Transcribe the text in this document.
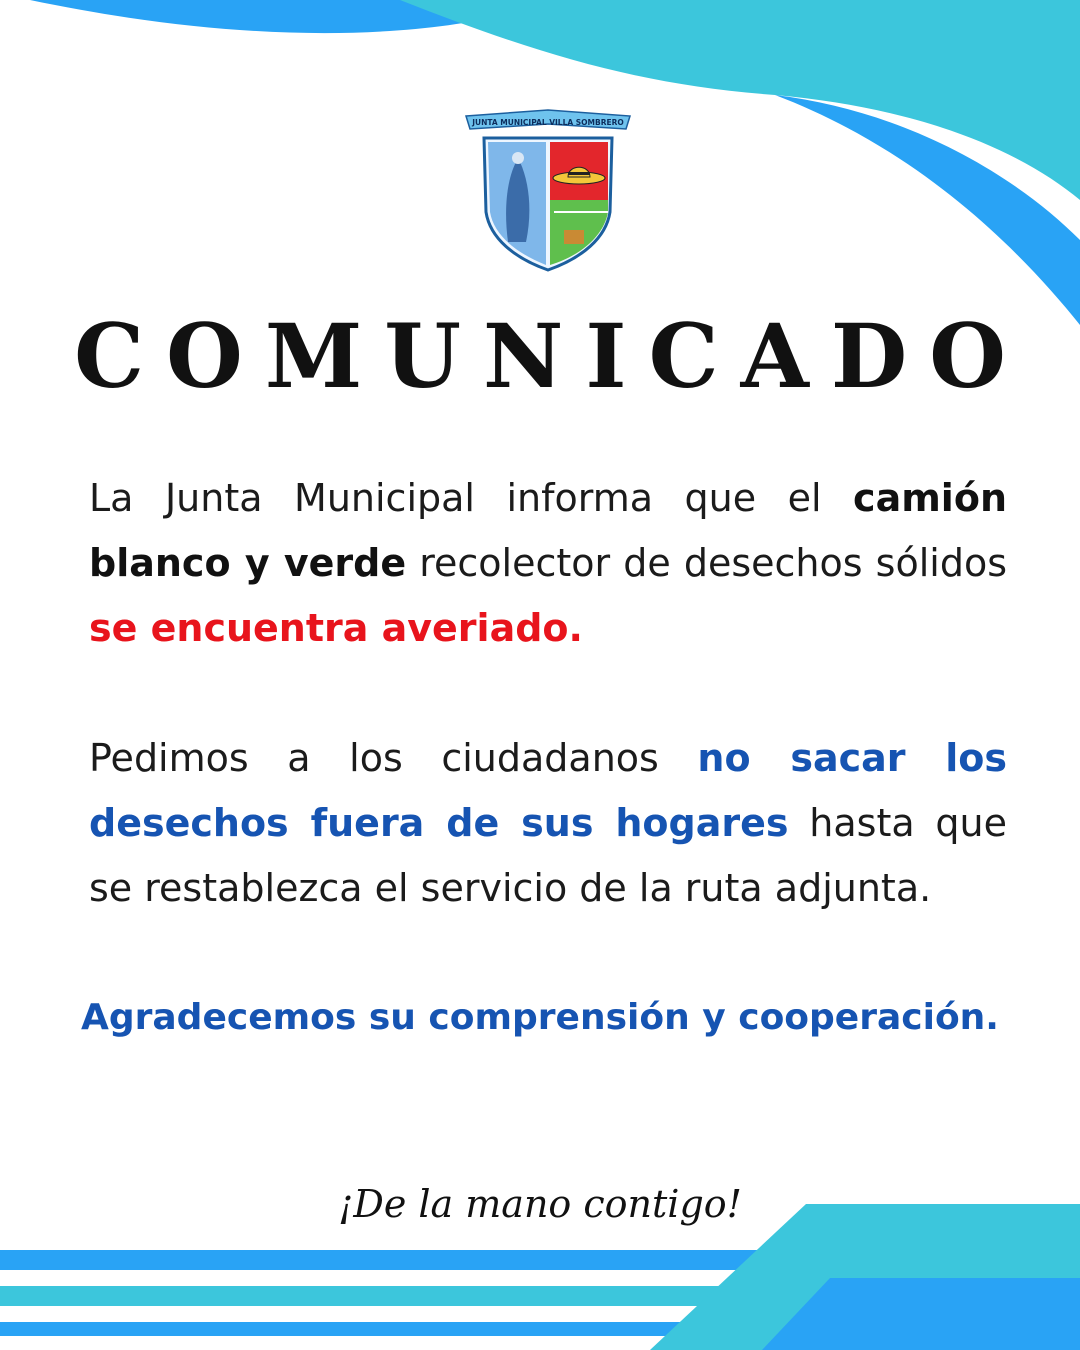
JUNTA MUNICIPAL VILLA SOMBRERO
COMUNICADO

La Junta Municipal informa que el camión blanco y verde recolector de desechos sólidos se encuentra averiado.

Pedimos a los ciudadanos no sacar los desechos fuera de sus hogares hasta que se restablezca el servicio de la ruta adjunta.

Agradecemos su comprensión y cooperación.

¡De la mano contigo!
